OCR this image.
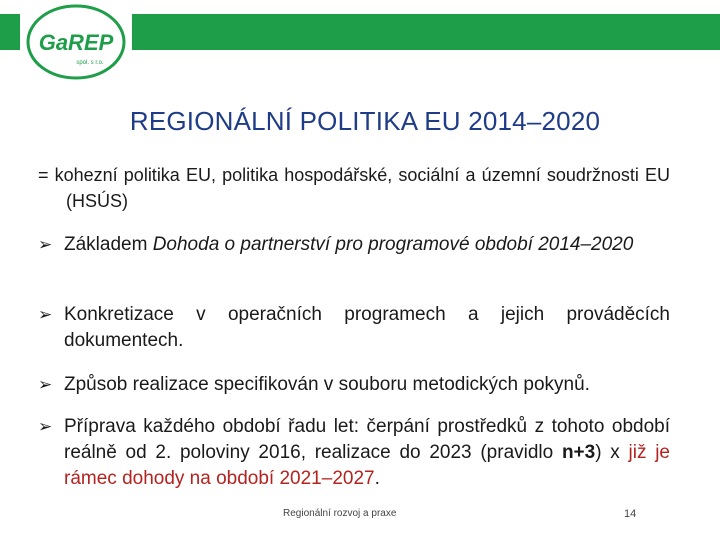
GaREP
spol. s r.o.
REGIONÁLNÍ POLITIKA EU 2014–2020
= kohezní politika EU, politika hospodářské, sociální a územní soudržnosti EU (HSÚS)
➢ Základem Dohoda o partnerství pro programové období 2014–2020
➢ Konkretizace v operačních programech a jejich prováděcích dokumentech.
➢ Způsob realizace specifikován v souboru metodických pokynů.
➢ Příprava každého období řadu let: čerpání prostředků z tohoto období reálně od 2. poloviny 2016, realizace do 2023 (pravidlo n+3) x již je rámec dohody na období 2021–2027.
Regionální rozvoj a praxe	14
